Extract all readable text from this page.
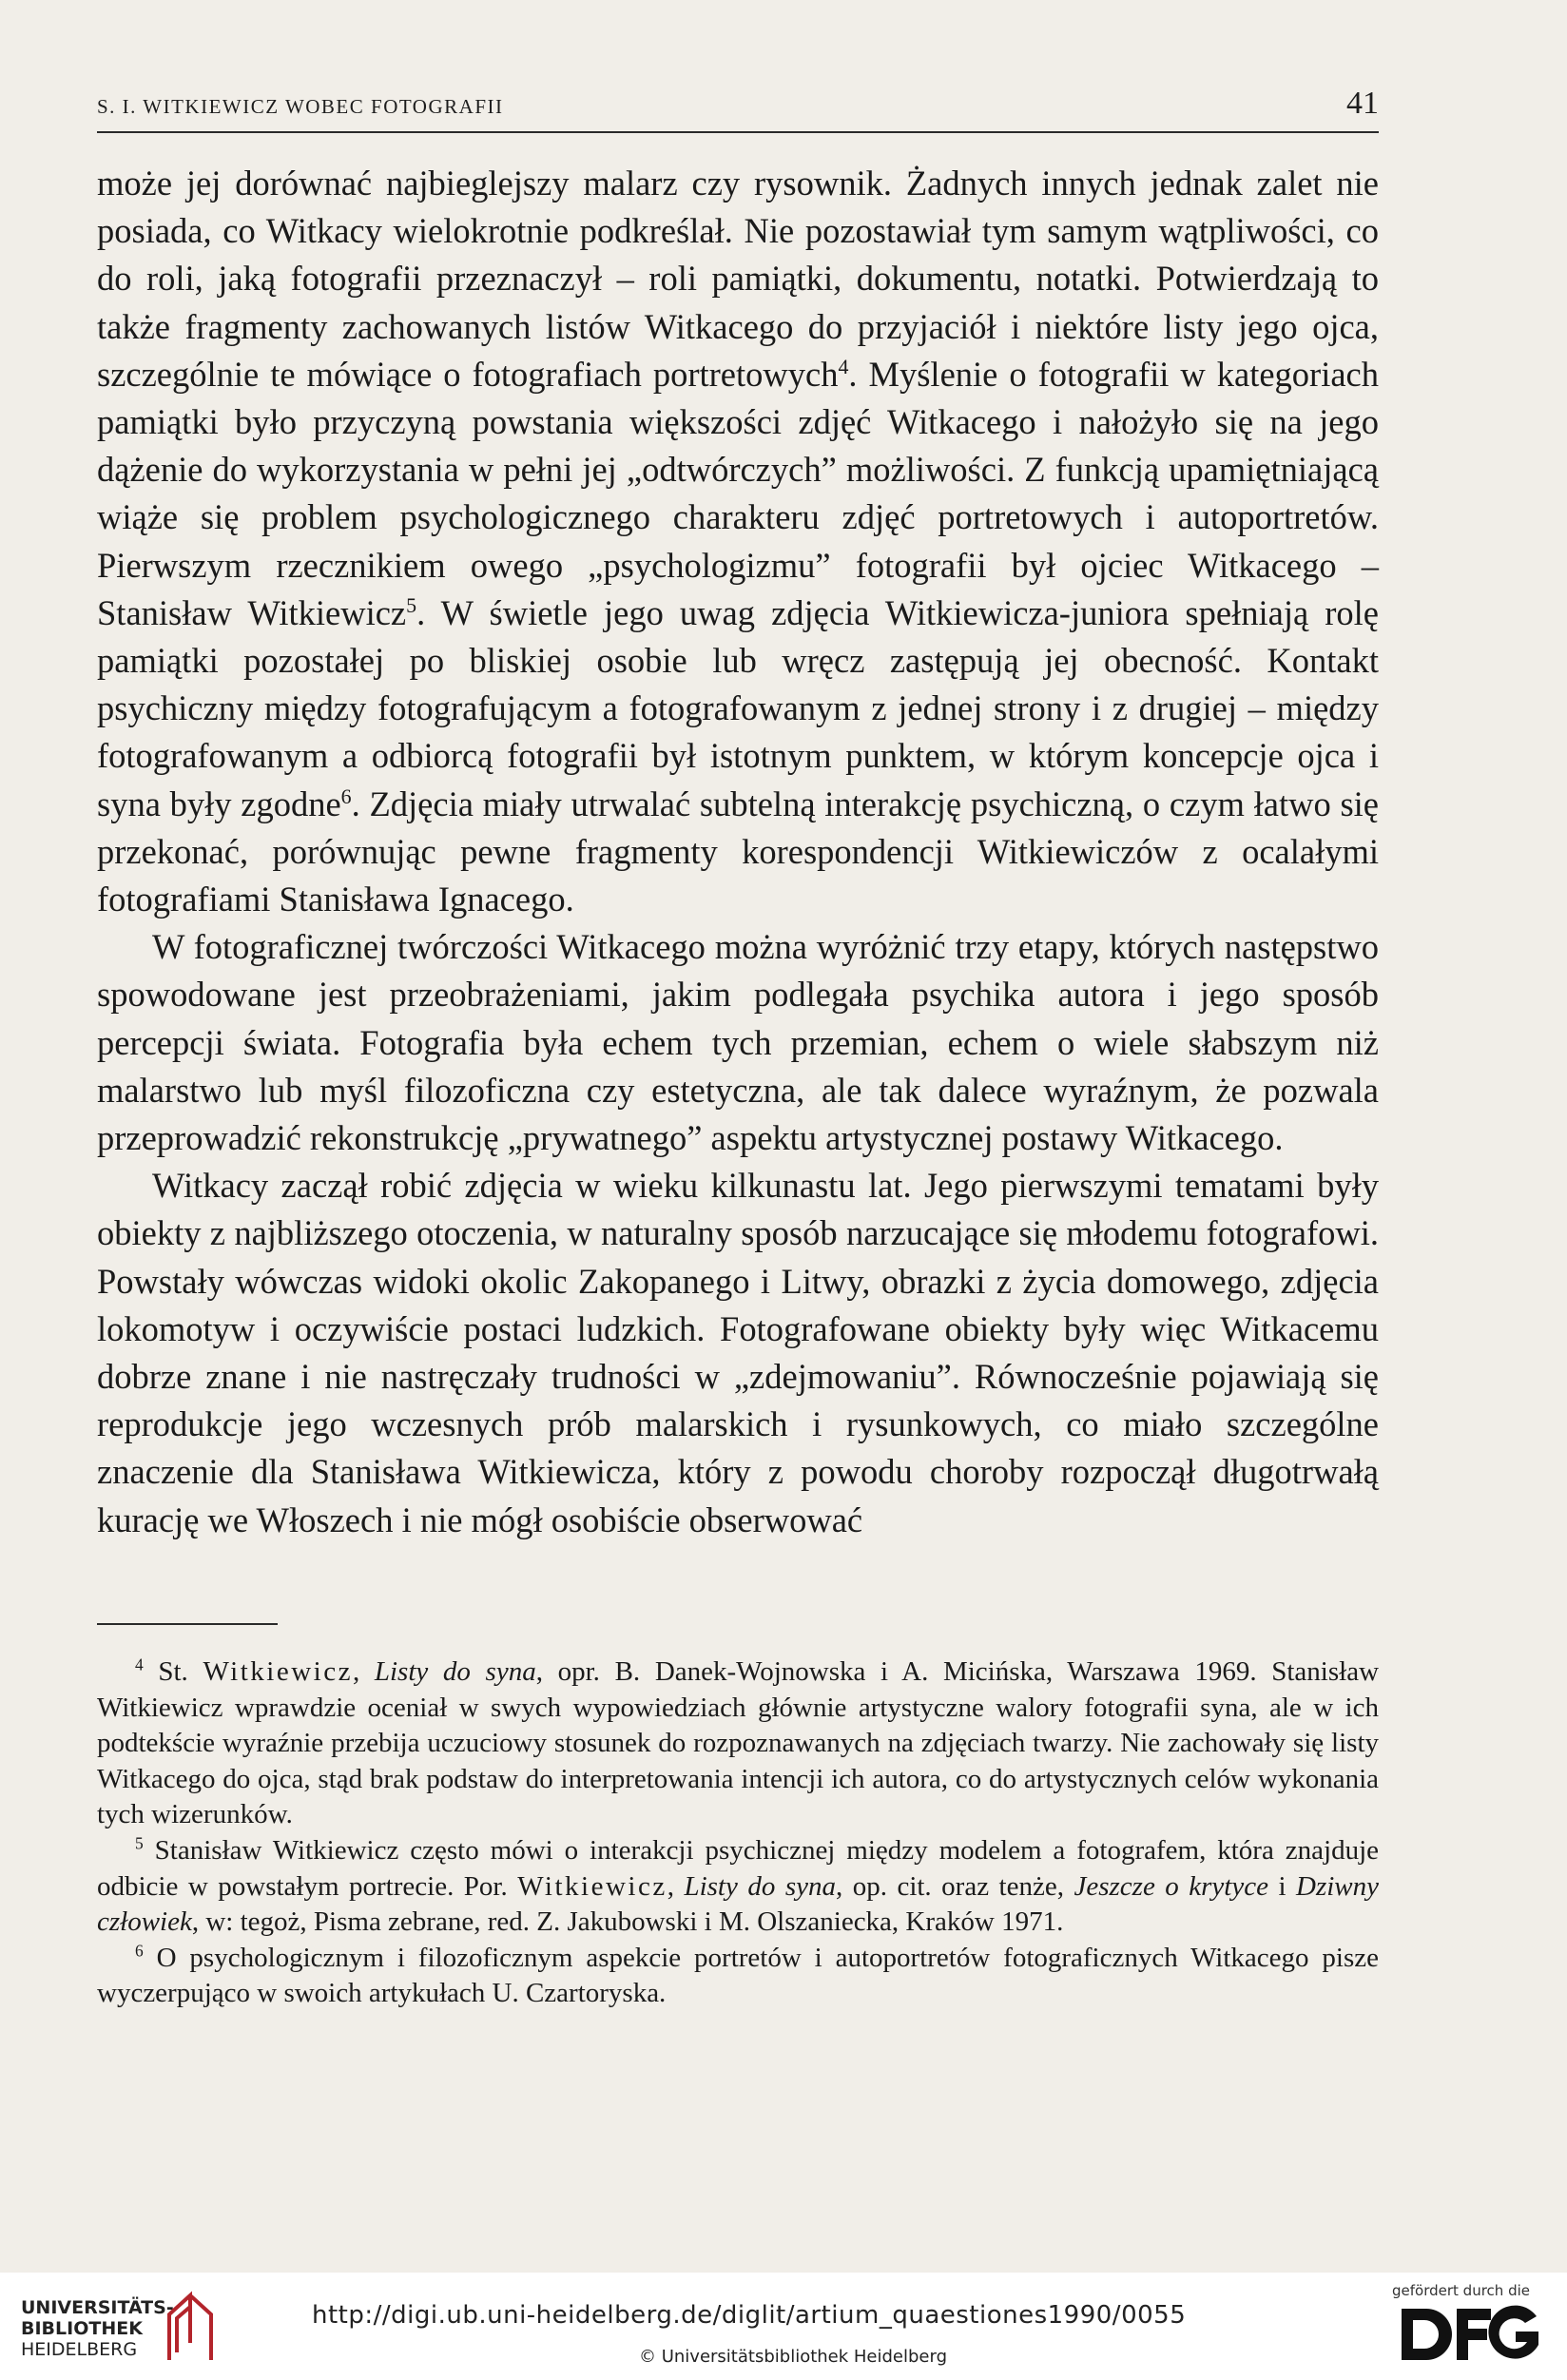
S. I. WITKIEWICZ WOBEC FOTOGRAFII	41

może jej dorównać najbieglejszy malarz czy rysownik. Żadnych innych jednak zalet nie posiada, co Witkacy wielokrotnie podkreślał. Nie pozostawiał tym samym wątpliwości, co do roli, jaką fotografii przeznaczył – roli pamiątki, dokumentu, notatki. Potwierdzają to także fragmenty zachowanych listów Witkacego do przyjaciół i niektóre listy jego ojca, szczególnie te mówiące o fotografiach portretowych$^4$. Myślenie o fotografii w kategoriach pamiątki było przyczyną powstania większości zdjęć Witkacego i nałożyło się na jego dążenie do wykorzystania w pełni jej „odtwórczych” możliwości. Z funkcją upamiętniającą wiąże się problem psychologicznego charakteru zdjęć portretowych i autoportretów. Pierwszym rzecznikiem owego „psychologizmu” fotografii był ojciec Witkacego – Stanisław Witkiewicz$^5$. W świetle jego uwag zdjęcia Witkiewicza-juniora spełniają rolę pamiątki pozostałej po bliskiej osobie lub wręcz zastępują jej obecność. Kontakt psychiczny między fotografującym a fotografowanym z jednej strony i z drugiej – między fotografowanym a odbiorcą fotografii był istotnym punktem, w którym koncepcje ojca i syna były zgodne$^6$. Zdjęcia miały utrwalać subtelną interakcję psychiczną, o czym łatwo się przekonać, porównując pewne fragmenty korespondencji Witkiewiczów z ocalałymi fotografiami Stanisława Ignacego.

W fotograficznej twórczości Witkacego można wyróżnić trzy etapy, których następstwo spowodowane jest przeobrażeniami, jakim podlegała psychika autora i jego sposób percepcji świata. Fotografia była echem tych przemian, echem o wiele słabszym niż malarstwo lub myśl filozoficzna czy estetyczna, ale tak dalece wyraźnym, że pozwala przeprowadzić rekonstrukcję „prywatnego” aspektu artystycznej postawy Witkacego.

Witkacy zaczął robić zdjęcia w wieku kilkunastu lat. Jego pierwszymi tematami były obiekty z najbliższego otoczenia, w naturalny sposób narzucające się młodemu fotografowi. Powstały wówczas widoki okolic Zakopanego i Litwy, obrazki z życia domowego, zdjęcia lokomotyw i oczywiście postaci ludzkich. Fotografowane obiekty były więc Witkacemu dobrze znane i nie nastręczały trudności w „zdejmowaniu”. Równocześnie pojawiają się reprodukcje jego wczesnych prób malarskich i rysunkowych, co miało szczególne znaczenie dla Stanisława Witkiewicza, który z powodu choroby rozpoczął długotrwałą kurację we Włoszech i nie mógł osobiście obserwować

$^4$ St. Witkiewicz, Listy do syna, opr. B. Danek-Wojnowska i A. Micińska, Warszawa 1969. Stanisław Witkiewicz wprawdzie oceniał w swych wypowiedziach głównie artystyczne walory fotografii syna, ale w ich podtekście wyraźnie przebija uczuciowy stosunek do rozpoznawanych na zdjęciach twarzy. Nie zachowały się listy Witkacego do ojca, stąd brak podstaw do interpretowania intencji ich autora, co do artystycznych celów wykonania tych wizerunków.

$^5$ Stanisław Witkiewicz często mówi o interakcji psychicznej między modelem a fotografem, która znajduje odbicie w powstałym portrecie. Por. Witkiewicz, Listy do syna, op. cit. oraz tenże, Jeszcze o krytyce i Dziwny człowiek, w: tegoż, Pisma zebrane, red. Z. Jakubowski i M. Olszaniecka, Kraków 1971.

$^6$ O psychologicznym i filozoficznym aspekcie portretów i autoportretów fotograficznych Witkacego pisze wyczerpująco w swoich artykułach U. Czartoryska.

UNIVERSITÄTS-
BIBLIOTHEK
HEIDELBERG
http://digi.ub.uni-heidelberg.de/diglit/artium_quaestiones1990/0055
© Universitätsbibliothek Heidelberg
gefördert durch die
